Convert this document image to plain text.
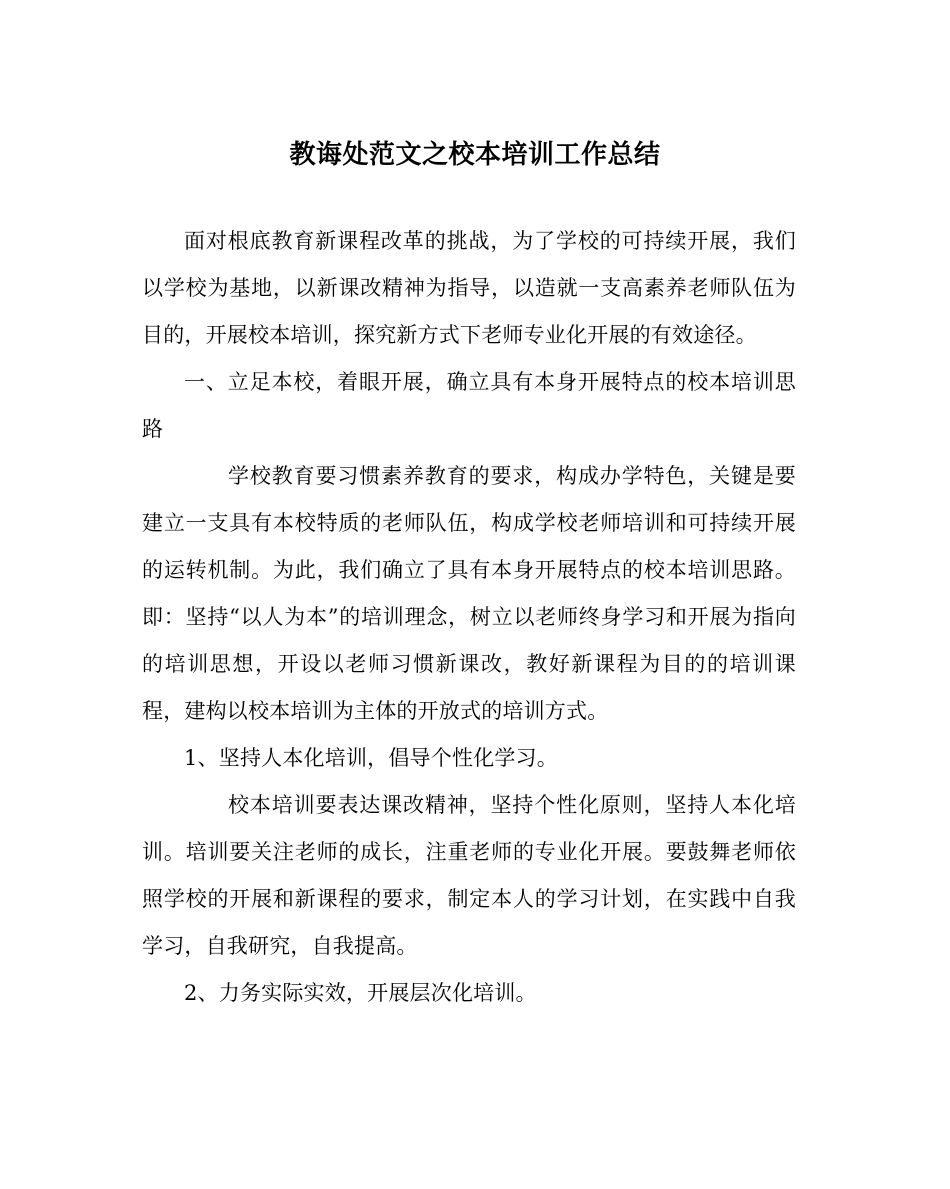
教诲处范文之校本培训工作总结

面对根底教育新课程改革的挑战，为了学校的可持续开展，我们以学校为基地，以新课改精神为指导，以造就一支高素养老师队伍为目的，开展校本培训，探究新方式下老师专业化开展的有效途径。

一、立足本校，着眼开展，确立具有本身开展特点的校本培训思路

学校教育要习惯素养教育的要求，构成办学特色，关键是要建立一支具有本校特质的老师队伍，构成学校老师培训和可持续开展的运转机制。为此，我们确立了具有本身开展特点的校本培训思路。即：坚持“以人为本”的培训理念，树立以老师终身学习和开展为指向的培训思想，开设以老师习惯新课改，教好新课程为目的的培训课程，建构以校本培训为主体的开放式的培训方式。

1、坚持人本化培训，倡导个性化学习。

校本培训要表达课改精神，坚持个性化原则，坚持人本化培训。培训要关注老师的成长，注重老师的专业化开展。要鼓舞老师依照学校的开展和新课程的要求，制定本人的学习计划，在实践中自我学习，自我研究，自我提高。

2、力务实际实效，开展层次化培训。
